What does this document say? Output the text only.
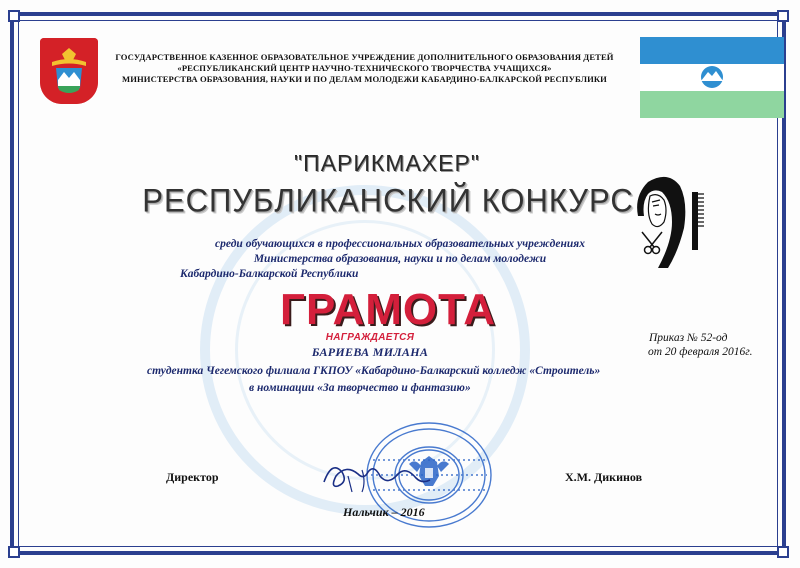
ГОСУДАРСТВЕННОЕ КАЗЕННОЕ ОБРАЗОВАТЕЛЬНОЕ УЧРЕЖДЕНИЕ ДОПОЛНИТЕЛЬНОГО ОБРАЗОВАНИЯ ДЕТЕЙ
«РЕСПУБЛИКАНСКИЙ ЦЕНТР НАУЧНО-ТЕХНИЧЕСКОГО ТВОРЧЕСТВА УЧАЩИХСЯ»
МИНИСТЕРСТВА ОБРАЗОВАНИЯ, НАУКИ И ПО ДЕЛАМ МОЛОДЕЖИ КАБАРДИНО-БАЛКАРСКОЙ РЕСПУБЛИКИ
"ПАРИКМАХЕР"
РЕСПУБЛИКАНСКИЙ КОНКУРС
среди обучающихся в профессиональных образовательных учреждениях
Министерства образования, науки и по делам молодежи
Кабардино-Балкарской Республики
ГРАМОТА
НАГРАЖДАЕТСЯ
БАРИЕВА МИЛАНА
студентка Чегемского филиала ГКПОУ «Кабардино-Балкарский колледж «Строитель»
в номинации «За творчество и фантазию»
Приказ № 52-од
от 20 февраля 2016г.
Директор	Х.М. Дикинов
Нальчик – 2016
